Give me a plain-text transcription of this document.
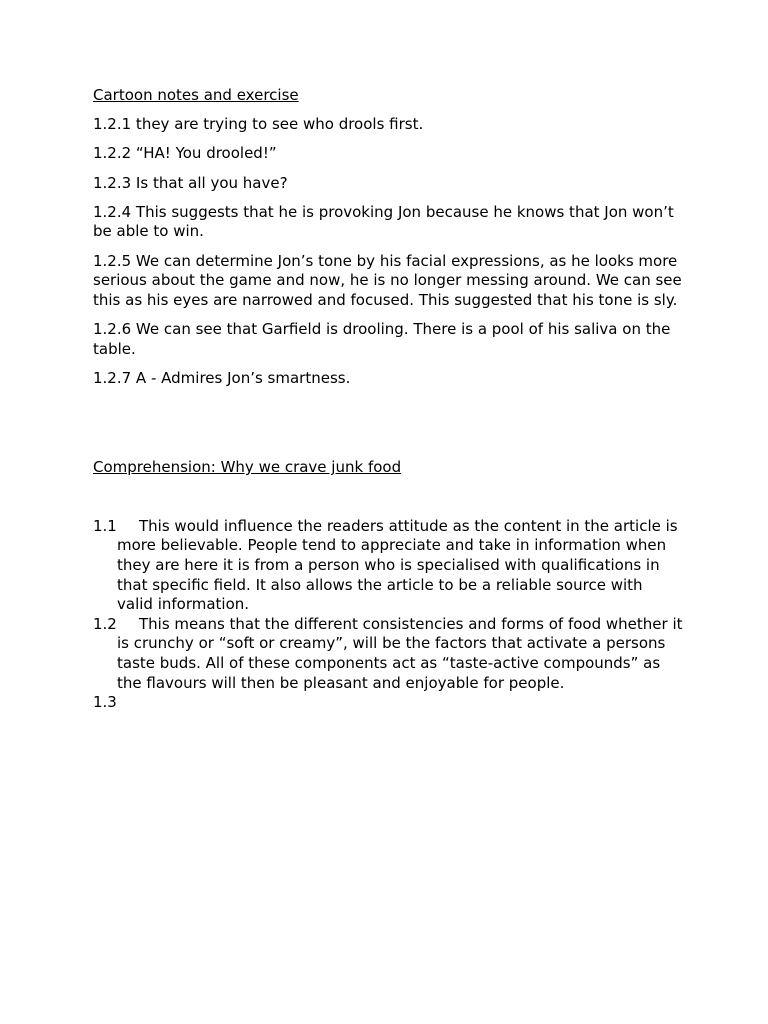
Cartoon notes and exercise

1.2.1 they are trying to see who drools first.

1.2.2 “HA! You drooled!”

1.2.3 Is that all you have?

1.2.4 This suggests that he is provoking Jon because he knows that Jon won’t be able to win.

1.2.5 We can determine Jon’s tone by his facial expressions, as he looks more serious about the game and now, he is no longer messing around. We can see this as his eyes are narrowed and focused. This suggested that his tone is sly.

1.2.6 We can see that Garfield is drooling. There is a pool of his saliva on the table.

1.2.7 A - Admires Jon’s smartness.

Comprehension: Why we crave junk food

1.1 This would influence the readers attitude as the content in the article is more believable. People tend to appreciate and take in information when they are here it is from a person who is specialised with qualifications in that specific field. It also allows the article to be a reliable source with valid information.

1.2 This means that the different consistencies and forms of food whether it is crunchy or “soft or creamy”, will be the factors that activate a persons taste buds. All of these components act as “taste-active compounds” as the flavours will then be pleasant and enjoyable for people.

1.3
